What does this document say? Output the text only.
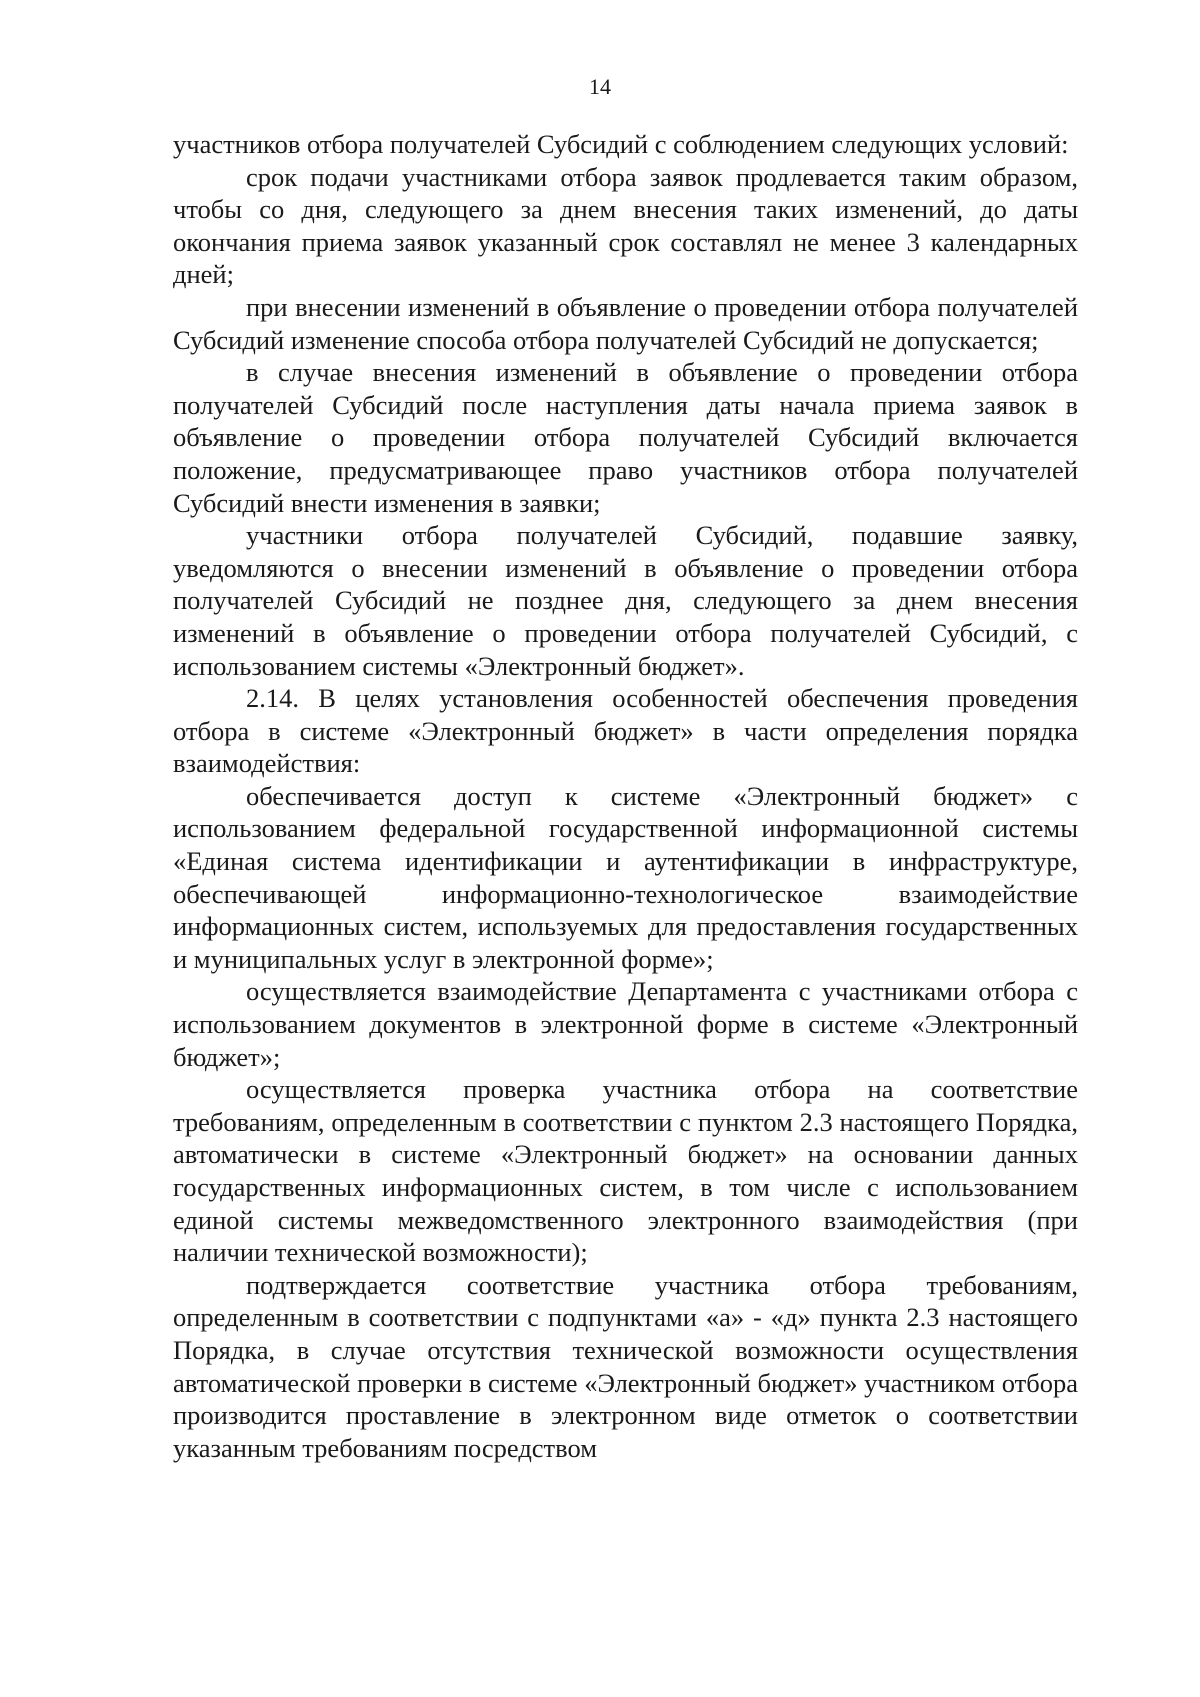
14

участников отбора получателей Субсидий с соблюдением следующих условий:

срок подачи участниками отбора заявок продлевается таким образом, чтобы со дня, следующего за днем внесения таких изменений, до даты окончания приема заявок указанный срок составлял не менее 3 календарных дней;

при внесении изменений в объявление о проведении отбора получателей Субсидий изменение способа отбора получателей Субсидий не допускается;

в случае внесения изменений в объявление о проведении отбора получателей Субсидий после наступления даты начала приема заявок в объявление о проведении отбора получателей Субсидий включается положение, предусматривающее право участников отбора получателей Субсидий внести изменения в заявки;

участники отбора получателей Субсидий, подавшие заявку, уведомляются о внесении изменений в объявление о проведении отбора получателей Субсидий не позднее дня, следующего за днем внесения изменений в объявление о проведении отбора получателей Субсидий, с использованием системы «Электронный бюджет».

2.14. В целях установления особенностей обеспечения проведения отбора в системе «Электронный бюджет» в части определения порядка взаимодействия:

обеспечивается доступ к системе «Электронный бюджет» с использованием федеральной государственной информационной системы «Единая система идентификации и аутентификации в инфраструктуре, обеспечивающей информационно-технологическое взаимодействие информационных систем, используемых для предоставления государственных и муниципальных услуг в электронной форме»;

осуществляется взаимодействие Департамента с участниками отбора с использованием документов в электронной форме в системе «Электронный бюджет»;

осуществляется проверка участника отбора на соответствие требованиям, определенным в соответствии с пунктом 2.3 настоящего Порядка, автоматически в системе «Электронный бюджет» на основании данных государственных информационных систем, в том числе с использованием единой системы межведомственного электронного взаимодействия (при наличии технической возможности);

подтверждается соответствие участника отбора требованиям, определенным в соответствии с подпунктами «а» - «д» пункта 2.3 настоящего Порядка, в случае отсутствия технической возможности осуществления автоматической проверки в системе «Электронный бюджет» участником отбора производится проставление в электронном виде отметок о соответствии указанным требованиям посредством
